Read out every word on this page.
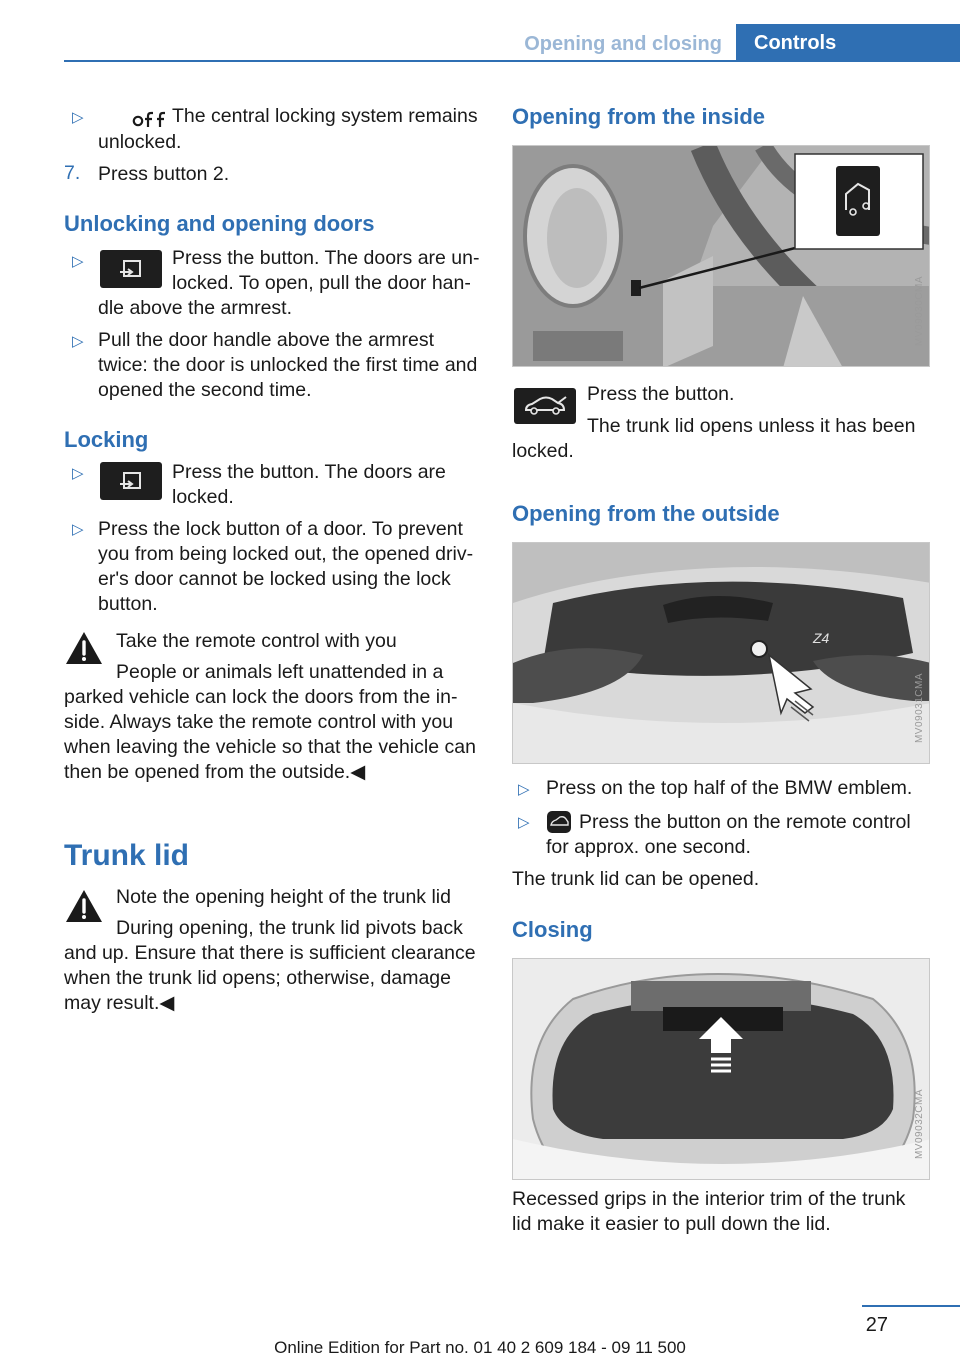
Opening and closing	Controls
▷	The central locking system remains
unlocked.
7. Press button 2.
Unlocking and opening doors
▷	Press the button. The doors are un-
locked. To open, pull the door han-
dle above the armrest.
▷ Pull the door handle above the armrest
twice: the door is unlocked the first time and
opened the second time.
Locking
▷	Press the button. The doors are
locked.
▷ Press the lock button of a door. To prevent
you from being locked out, the opened driv-
er's door cannot be locked using the lock
button.
Take the remote control with you
People or animals left unattended in a
parked vehicle can lock the doors from the in-
side. Always take the remote control with you
when leaving the vehicle so that the vehicle can
then be opened from the outside.◀
Trunk lid
Note the opening height of the trunk lid
During opening, the trunk lid pivots back
and up. Ensure that there is sufficient clearance
when the trunk lid opens; otherwise, damage
may result.◀
Opening from the inside
MV09030CMA
Press the button.
The trunk lid opens unless it has been
locked.
Opening from the outside
Z4
MV09031CMA
▷ Press on the top half of the BMW emblem.
▷	Press the button on the remote control
for approx. one second.
The trunk lid can be opened.
Closing
MV09032CMA
Recessed grips in the interior trim of the trunk
lid make it easier to pull down the lid.
27
Online Edition for Part no. 01 40 2 609 184 - 09 11 500
